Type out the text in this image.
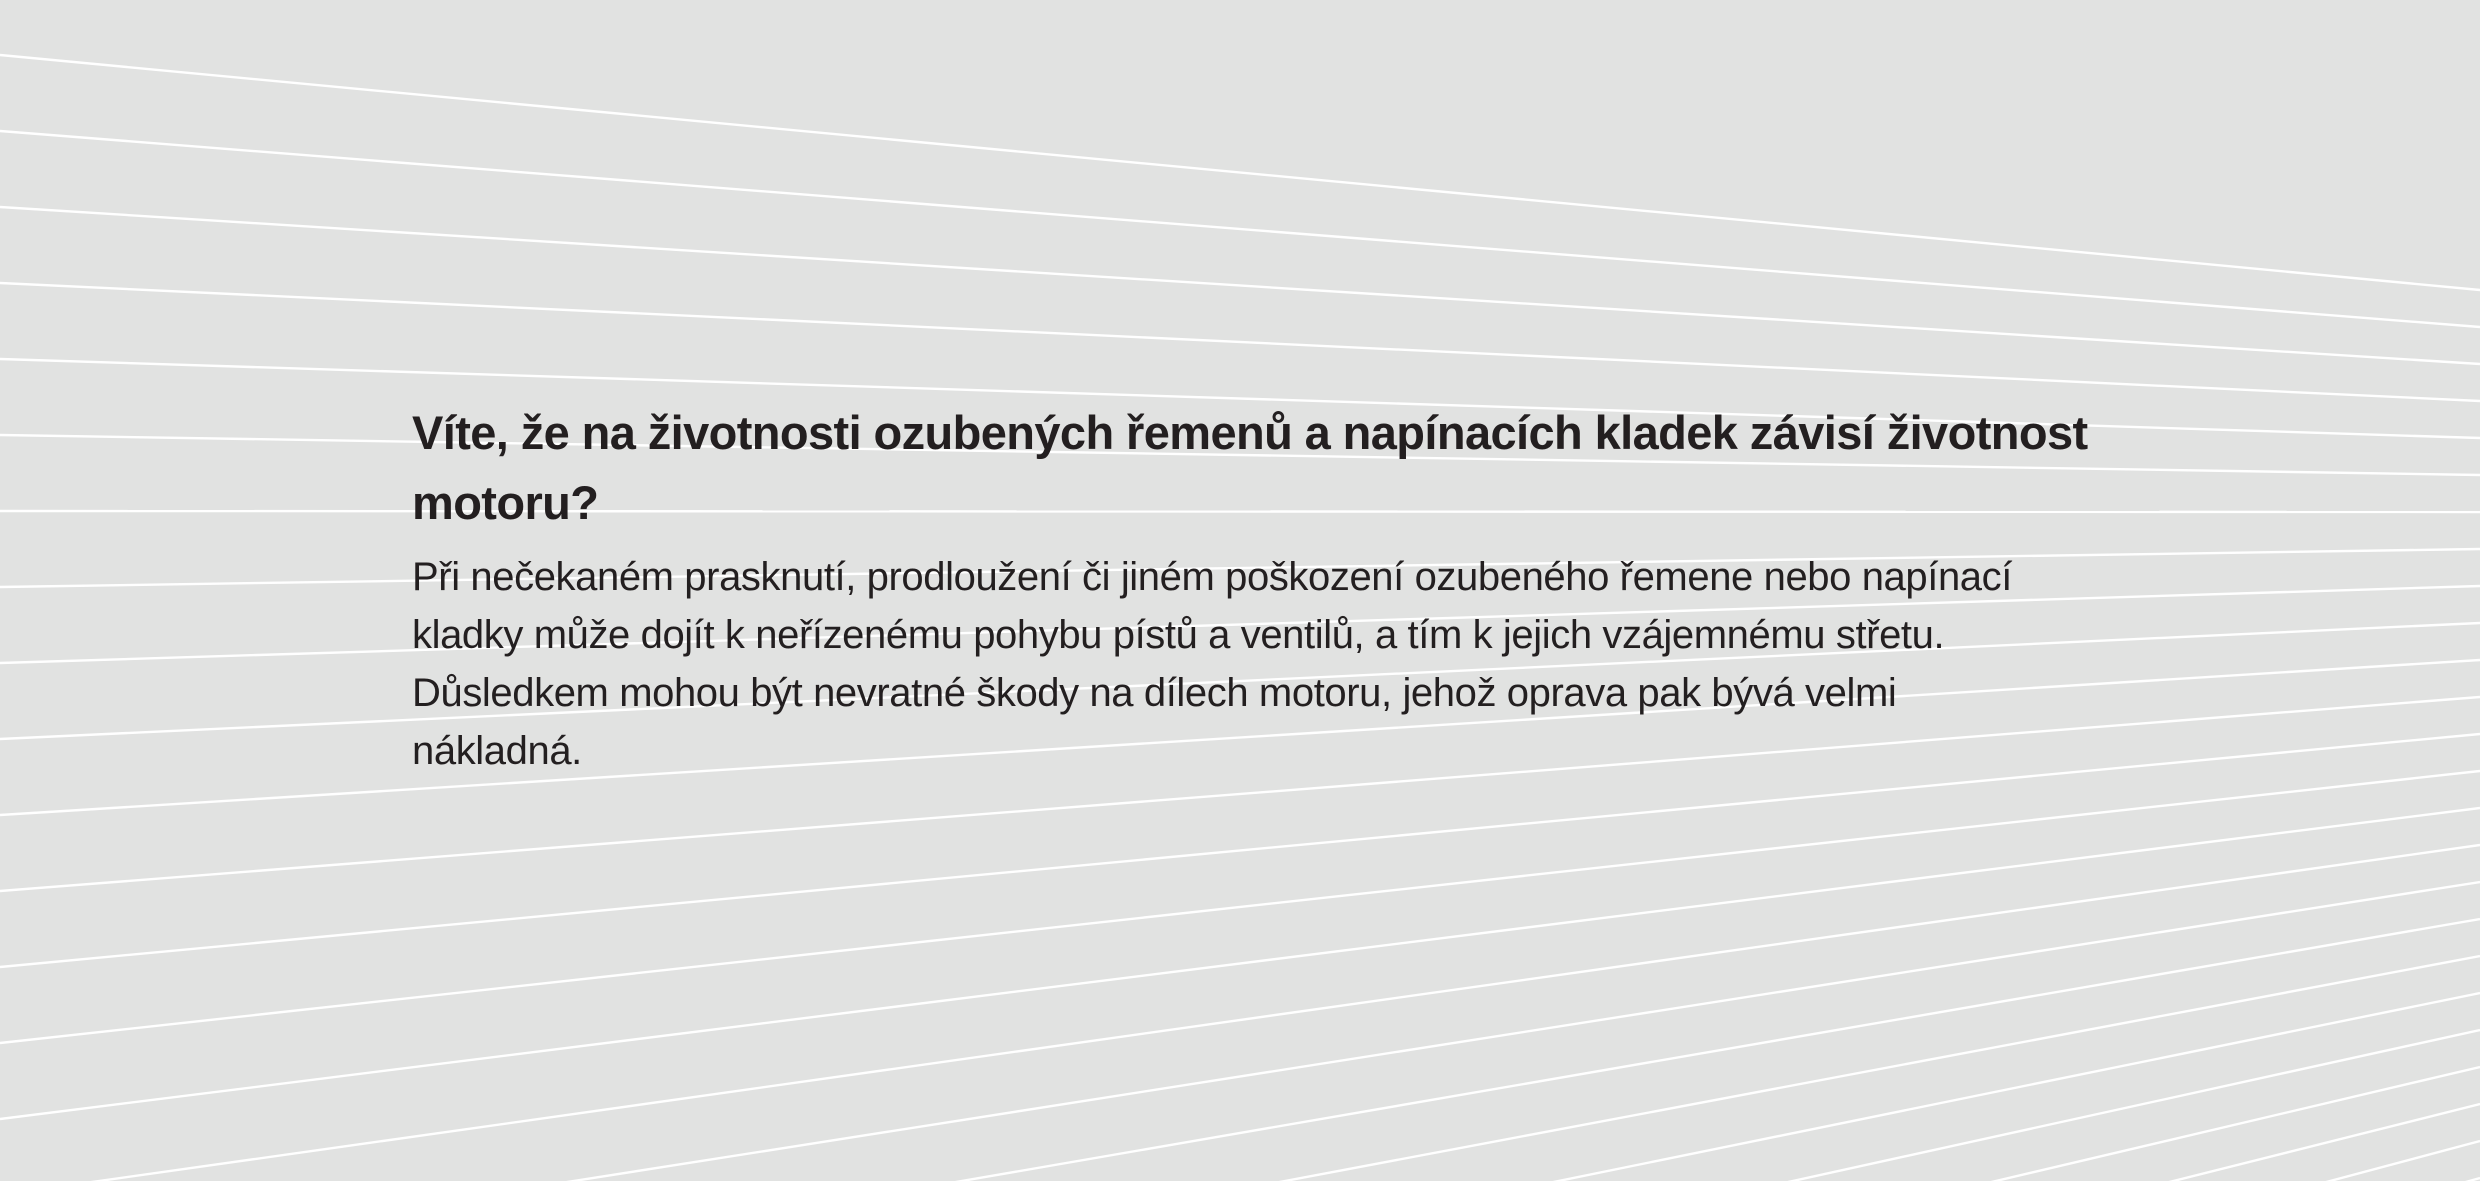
Víte, že na životnosti ozubených řemenů a napínacích kladek závisí životnost motoru?

Při nečekaném prasknutí, prodloužení či jiném poškození ozubeného řemene nebo napínací kladky může dojít k neřízenému pohybu pístů a ventilů, a tím k jejich vzájemnému střetu. Důsledkem mohou být nevratné škody na dílech motoru, jehož oprava pak bývá velmi nákladná.
